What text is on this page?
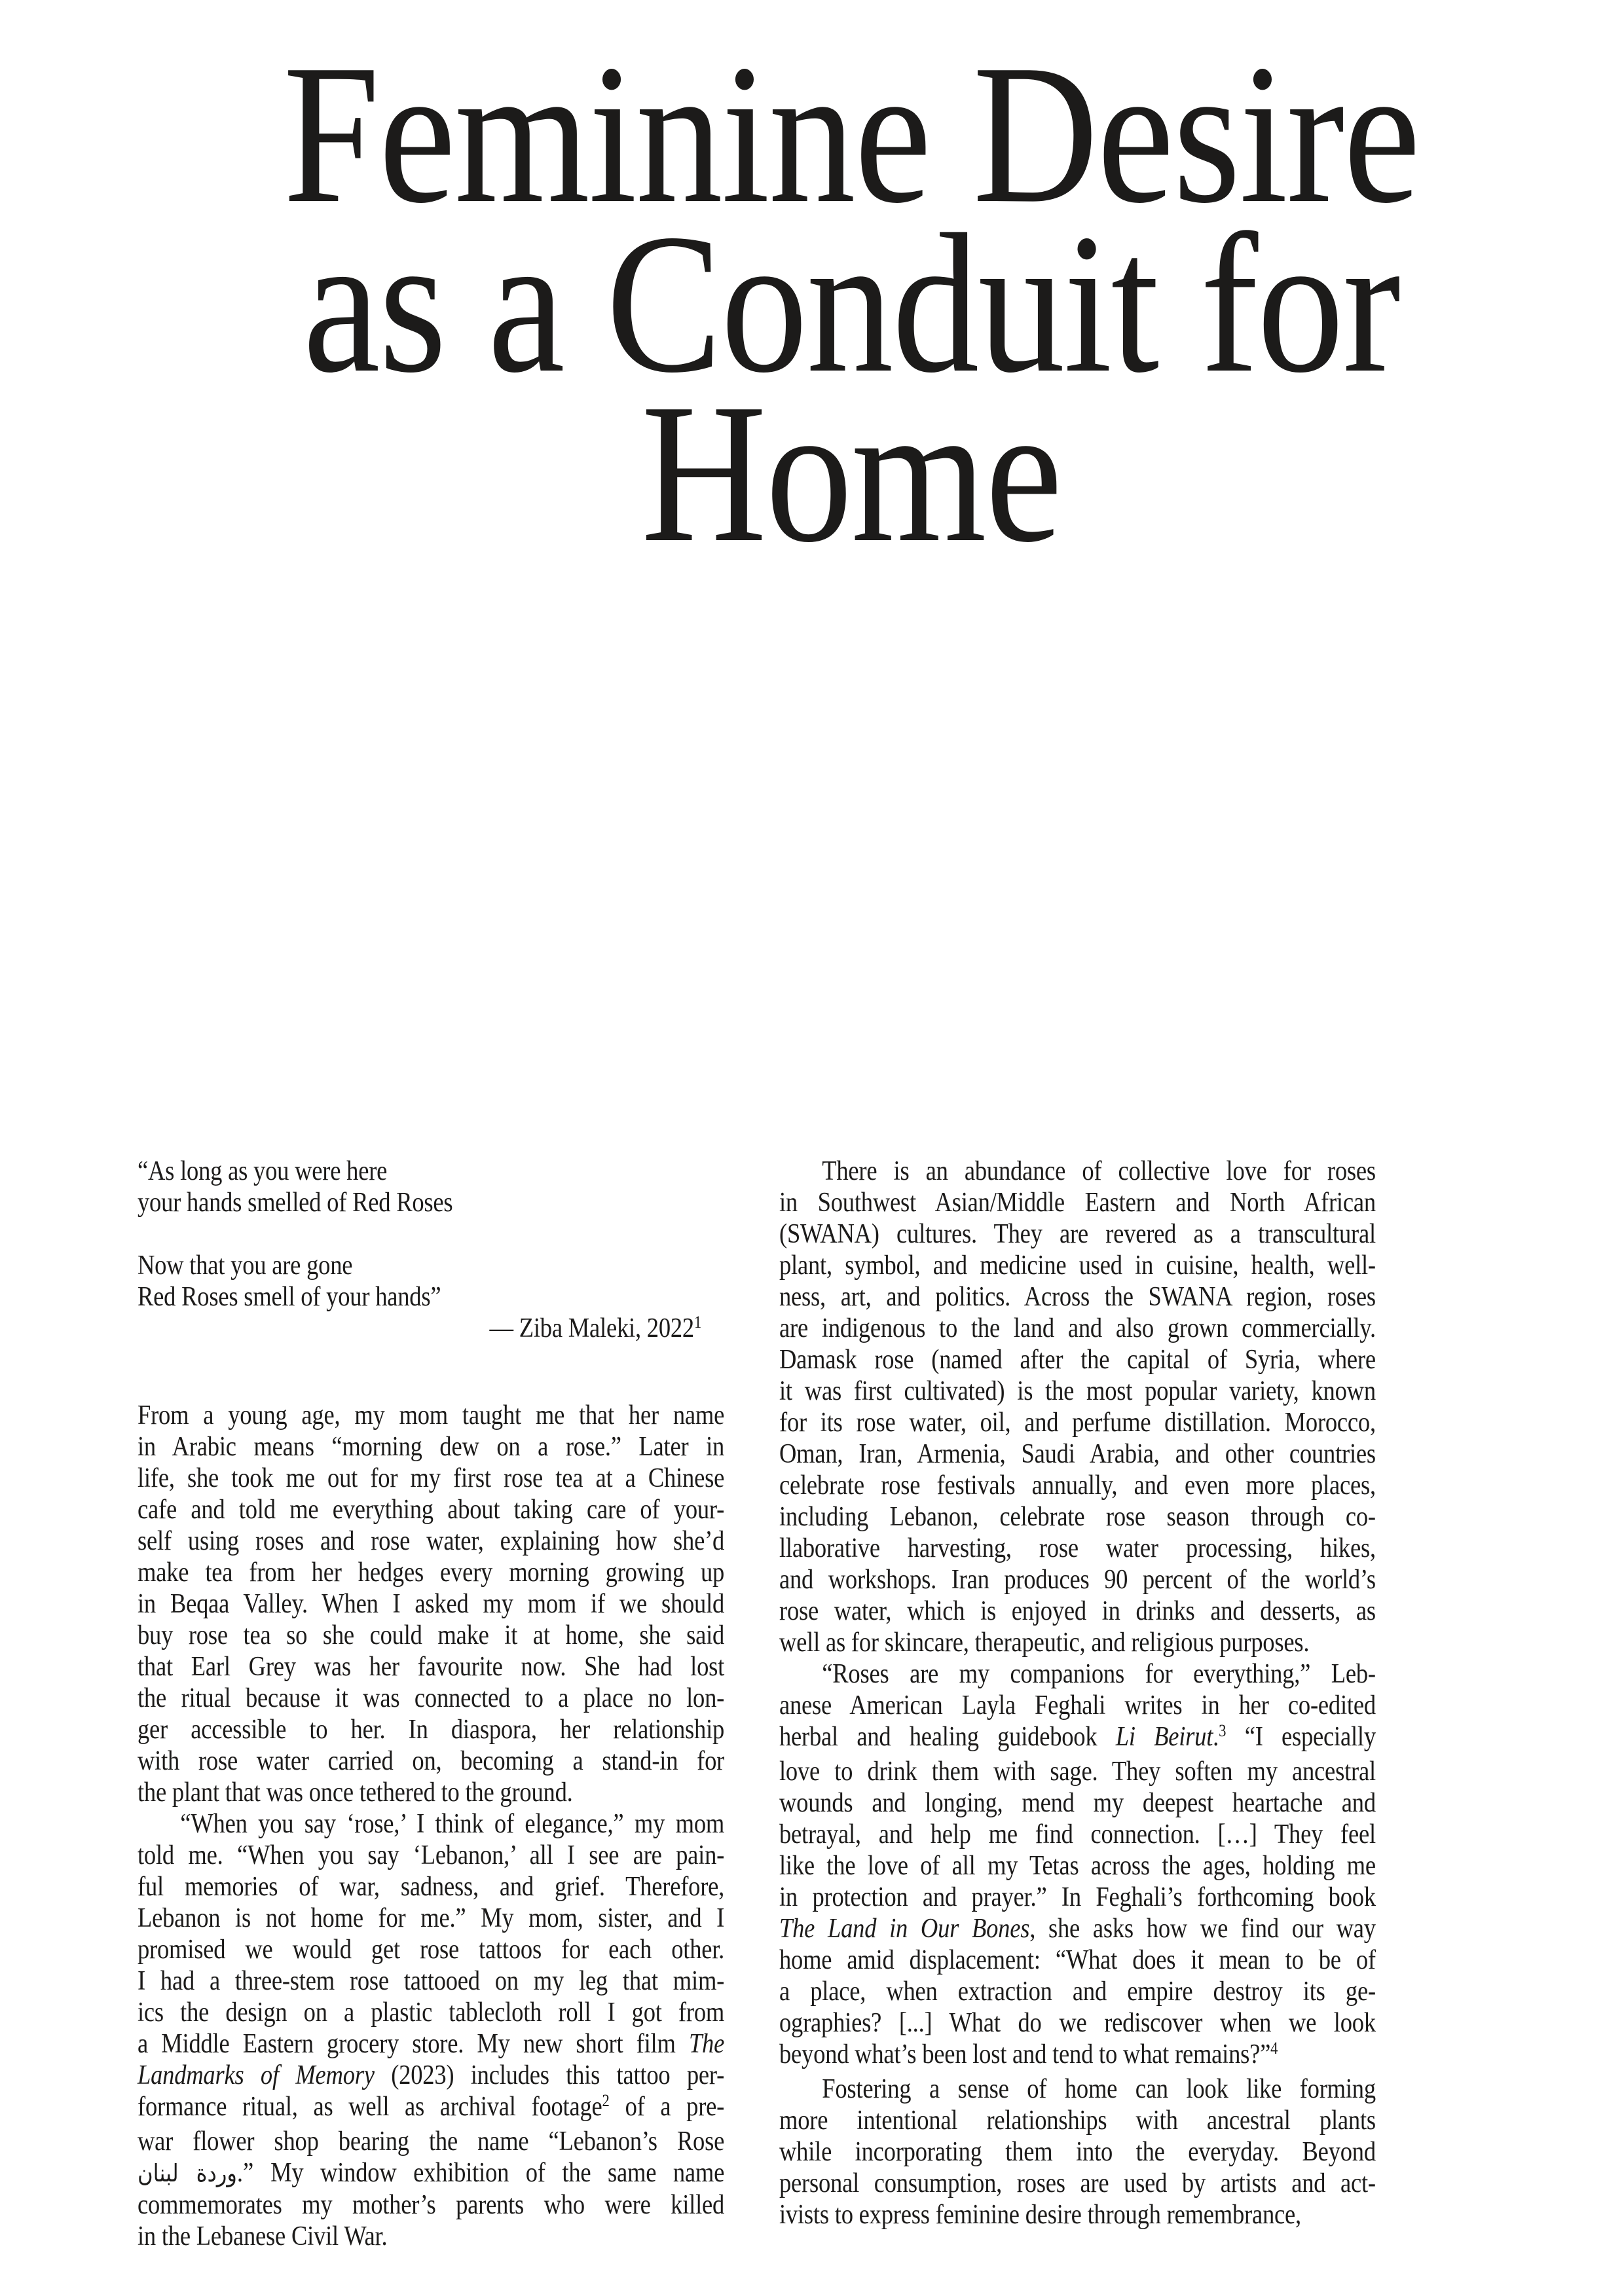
Feminine Desire
as a Conduit for
Home
“As long as you were here
your hands smelled of Red Roses

Now that you are gone
Red Roses smell of your hands”
— Ziba Maleki, 2022$^1$
From a young age, my mom taught me that her name
in Arabic means “morning dew on a rose.” Later in
life, she took me out for my first rose tea at a Chinese
cafe and told me everything about taking care of your-
self using roses and rose water, explaining how she’d
make tea from her hedges every morning growing up
in Beqaa Valley. When I asked my mom if we should
buy rose tea so she could make it at home, she said
that Earl Grey was her favourite now. She had lost
the ritual because it was connected to a place no lon-
ger accessible to her. In diaspora, her relationship
with rose water carried on, becoming a stand-in for
the plant that was once tethered to the ground.
“When you say ‘rose,’ I think of elegance,” my mom
told me. “When you say ‘Lebanon,’ all I see are pain-
ful memories of war, sadness, and grief. Therefore,
Lebanon is not home for me.” My mom, sister, and I
promised we would get rose tattoos for each other.
I had a three-stem rose tattooed on my leg that mim-
ics the design on a plastic tablecloth roll I got from
a Middle Eastern grocery store. My new short film The
Landmarks of Memory (2023) includes this tattoo per-
formance ritual, as well as archival footage$^2$ of a pre-
war flower shop bearing the name “Lebanon’s Rose
وردة لبنان.” My window exhibition of the same name
commemorates my mother’s parents who were killed
in the Lebanese Civil War.
There is an abundance of collective love for roses
in Southwest Asian/Middle Eastern and North African
(SWANA) cultures. They are revered as a transcultural
plant, symbol, and medicine used in cuisine, health, well-
ness, art, and politics. Across the SWANA region, roses
are indigenous to the land and also grown commercially.
Damask rose (named after the capital of Syria, where
it was first cultivated) is the most popular variety, known
for its rose water, oil, and perfume distillation. Morocco,
Oman, Iran, Armenia, Saudi Arabia, and other countries
celebrate rose festivals annually, and even more places,
including Lebanon, celebrate rose season through co-
llaborative harvesting, rose water processing, hikes,
and workshops. Iran produces 90 percent of the world’s
rose water, which is enjoyed in drinks and desserts, as
well as for skincare, therapeutic, and religious purposes.
“Roses are my companions for everything,” Leb-
anese American Layla Feghali writes in her co-edited
herbal and healing guidebook Li Beirut.$^3$ “I especially
love to drink them with sage. They soften my ancestral
wounds and longing, mend my deepest heartache and
betrayal, and help me find connection. […] They feel
like the love of all my Tetas across the ages, holding me
in protection and prayer.” In Feghali’s forthcoming book
The Land in Our Bones, she asks how we find our way
home amid displacement: “What does it mean to be of
a place, when extraction and empire destroy its ge-
ographies? [...] What do we rediscover when we look
beyond what’s been lost and tend to what remains?”$^4$
Fostering a sense of home can look like forming
more intentional relationships with ancestral plants
while incorporating them into the everyday. Beyond
personal consumption, roses are used by artists and act-
ivists to express feminine desire through remembrance,
